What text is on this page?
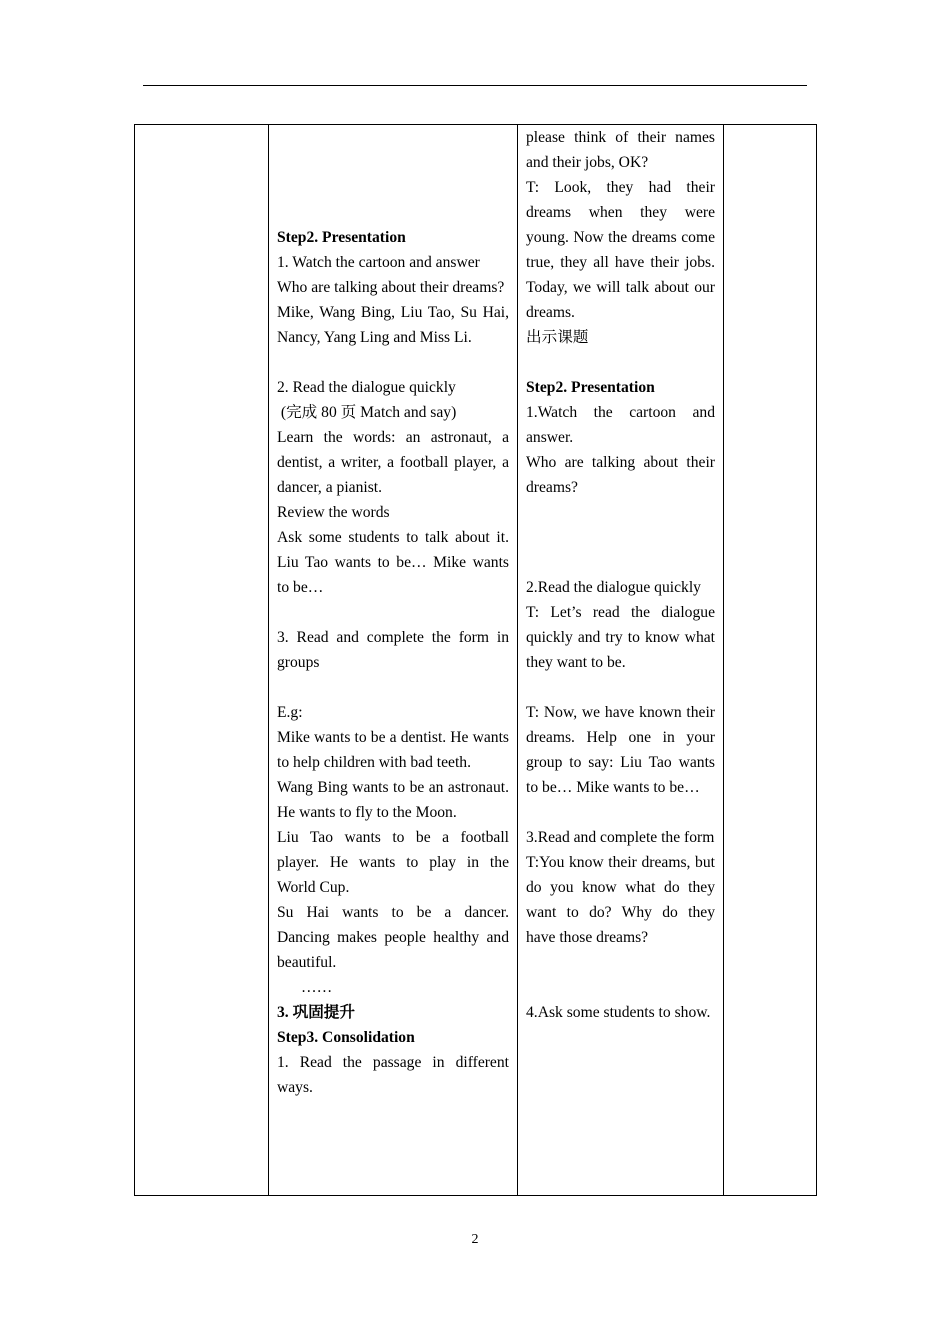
Step2. Presentation

1. Watch the cartoon and answer

Who are talking about their dreams?

Mike, Wang Bing, Liu Tao, Su Hai, Nancy, Yang Ling and Miss Li.

2. Read the dialogue quickly

(完成 80 页 Match and say)

Learn the words: an astronaut, a dentist, a writer, a football player, a dancer, a pianist.

Review the words

Ask some students to talk about it. Liu Tao wants to be… Mike wants to be…

3. Read and complete the form in groups

E.g:

Mike wants to be a dentist. He wants to help children with bad teeth.

Wang Bing wants to be an astronaut. He wants to fly to the Moon.

Liu Tao wants to be a football player. He wants to play in the World Cup.

Su Hai wants to be a dancer. Dancing makes people healthy and beautiful.

……

3. 巩固提升

Step3. Consolidation

1. Read the passage in different ways.

please think of their names and their jobs, OK?

T: Look, they had their dreams when they were young. Now the dreams come true, they all have their jobs. Today, we will talk about our dreams.

出示课题

Step2. Presentation

1.Watch the cartoon and answer.

Who are talking about their dreams?

2.Read the dialogue quickly

T: Let’s read the dialogue quickly and try to know what they want to be.

T: Now, we have known their dreams. Help one in your group to say: Liu Tao wants to be… Mike wants to be…

3.Read and complete the form

T:You know their dreams, but do you know what do they want to do? Why do they have those dreams?

4.Ask some students to show.

2
